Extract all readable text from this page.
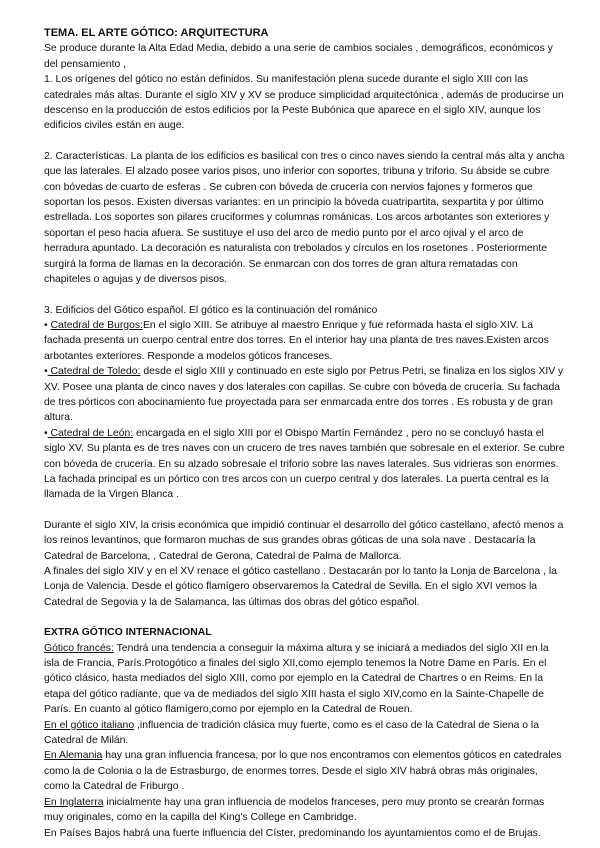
TEMA. EL ARTE GÓTICO: ARQUITECTURA

Se produce durante la Alta Edad Media, debido a una serie de cambios sociales , demográficos, económicos y del pensamiento ,

1. Los orígenes del gótico no están definidos. Su manifestación plena sucede durante el siglo XIII con las catedrales más altas. Durante el siglo XIV y XV se produce simplicidad arquitectónica , además de producirse un descenso en la producción de estos edificios por la Peste Bubónica que aparece en el siglo XIV, aunque los edificios civiles están en auge.

2. Características. La planta de los edificios es basilical con tres o cinco naves siendo la central más alta y ancha que las laterales. El alzado posee varios pisos, uno inferior con soportes, tribuna y triforio. Su ábside se cubre con bóvedas de cuarto de esferas . Se cubren con bóveda de crucería con nervios fajones y formeros que soportan los pesos. Existen diversas variantes: en un principio la bóveda cuatripartita, sexpartita y por último estrellada. Los soportes son pilares cruciformes y columnas románicas. Los arcos arbotantes son exteriores y soportan el peso hacia afuera. Se sustituye el uso del arco de medio punto por el arco ojival y el arco de herradura apuntado. La decoración es naturalista con trebolados y círculos en los rosetones . Posteriormente surgirá la forma de llamas en la decoración. Se enmarcan con dos torres de gran altura rematadas con chapiteles o agujas y de diversos pisos.

3. Edificios del Gótico español. El gótico es la continuación del románico

• Catedral de Burgos:En el siglo XIII. Se atribuye al maestro Enrique y fue reformada hasta el siglo XIV. La fachada presenta un cuerpo central entre dos torres. En el interior hay una planta de tres naves.Existen arcos arbotantes exteriores. Responde a modelos góticos franceses.

• Catedral de Toledo: desde el siglo XIII y continuado en este siglo por Petrus Petri, se finaliza en los siglos XIV y XV. Posee una planta de cinco naves y dos laterales con capillas. Se cubre con bóveda de crucería. Su fachada de tres pórticos con abocinamiento fue proyectada para ser enmarcada entre dos torres . Es robusta y de gran altura.

• Catedral de León: encargada en el siglo XIII por el Obispo Martín Fernández , pero no se concluyó hasta el siglo XV. Su planta es de tres naves con un crucero de tres naves también que sobresale en el exterior. Se cubre con bóveda de crucería. En su alzado sobresale el triforio sobre las naves laterales. Sus vidrieras son enormes. La fachada principal es un pórtico con tres arcos con un cuerpo central y dos laterales. La puerta central es la llamada de la Virgen Blanca .

Durante el siglo XIV, la crisis económica que impidió continuar el desarrollo del gótico castellano, afectó menos a los reinos levantinos, que formaron muchas de sus grandes obras góticas de una sola nave . Destacaría la Catedral de Barcelona, , Catedral de Gerona, Catedral de Palma de Mallorca.

A finales del siglo XIV y en el XV renace el gótico castellano . Destacarán por lo tanto la Lonja de Barcelona , la Lonja de Valencia. Desde el gótico flamígero observaremos la Catedral de Sevilla. En el siglo XVI vemos la Catedral de Segovia y la de Salamanca, las últimas dos obras del gótico español.

EXTRA GÓTICO INTERNACIONAL

Gótico francés: Tendrá una tendencia a conseguir la máxima altura y se iniciará a mediados del siglo XII en la isla de Francia, París.Protogótico a finales del siglo XII,como ejemplo tenemos la Notre Dame en París. En el gótico clásico, hasta mediados del siglo XIII, como por ejemplo en la Catedral de Chartres o en Reims. En la etapa del gótico radiante, que va de mediados del siglo XIII hasta el siglo XIV,como en la Sainte-Chapelle de París. En cuanto al gótico flamígero,como por ejemplo en la Catedral de Rouen.

En el gótico italiano ,influencia de tradición clásica muy fuerte, como es el caso de la Catedral de Siena o la Catedral de Milán.

En Alemania hay una gran influencia francesa, por lo que nos encontramos con elementos góticos en catedrales como la de Colonia o la de Estrasburgo, de enormes torres. Desde el siglo XIV habrá obras más originales, como la Catedral de Friburgo .

En Inglaterra inicialmente hay una gran influencia de modelos franceses, pero muy pronto se crearán formas muy originales, como en la capilla del King's College en Cambridge.

En Países Bajos habrá una fuerte influencia del Císter, predominando los ayuntamientos como el de Brujas.
